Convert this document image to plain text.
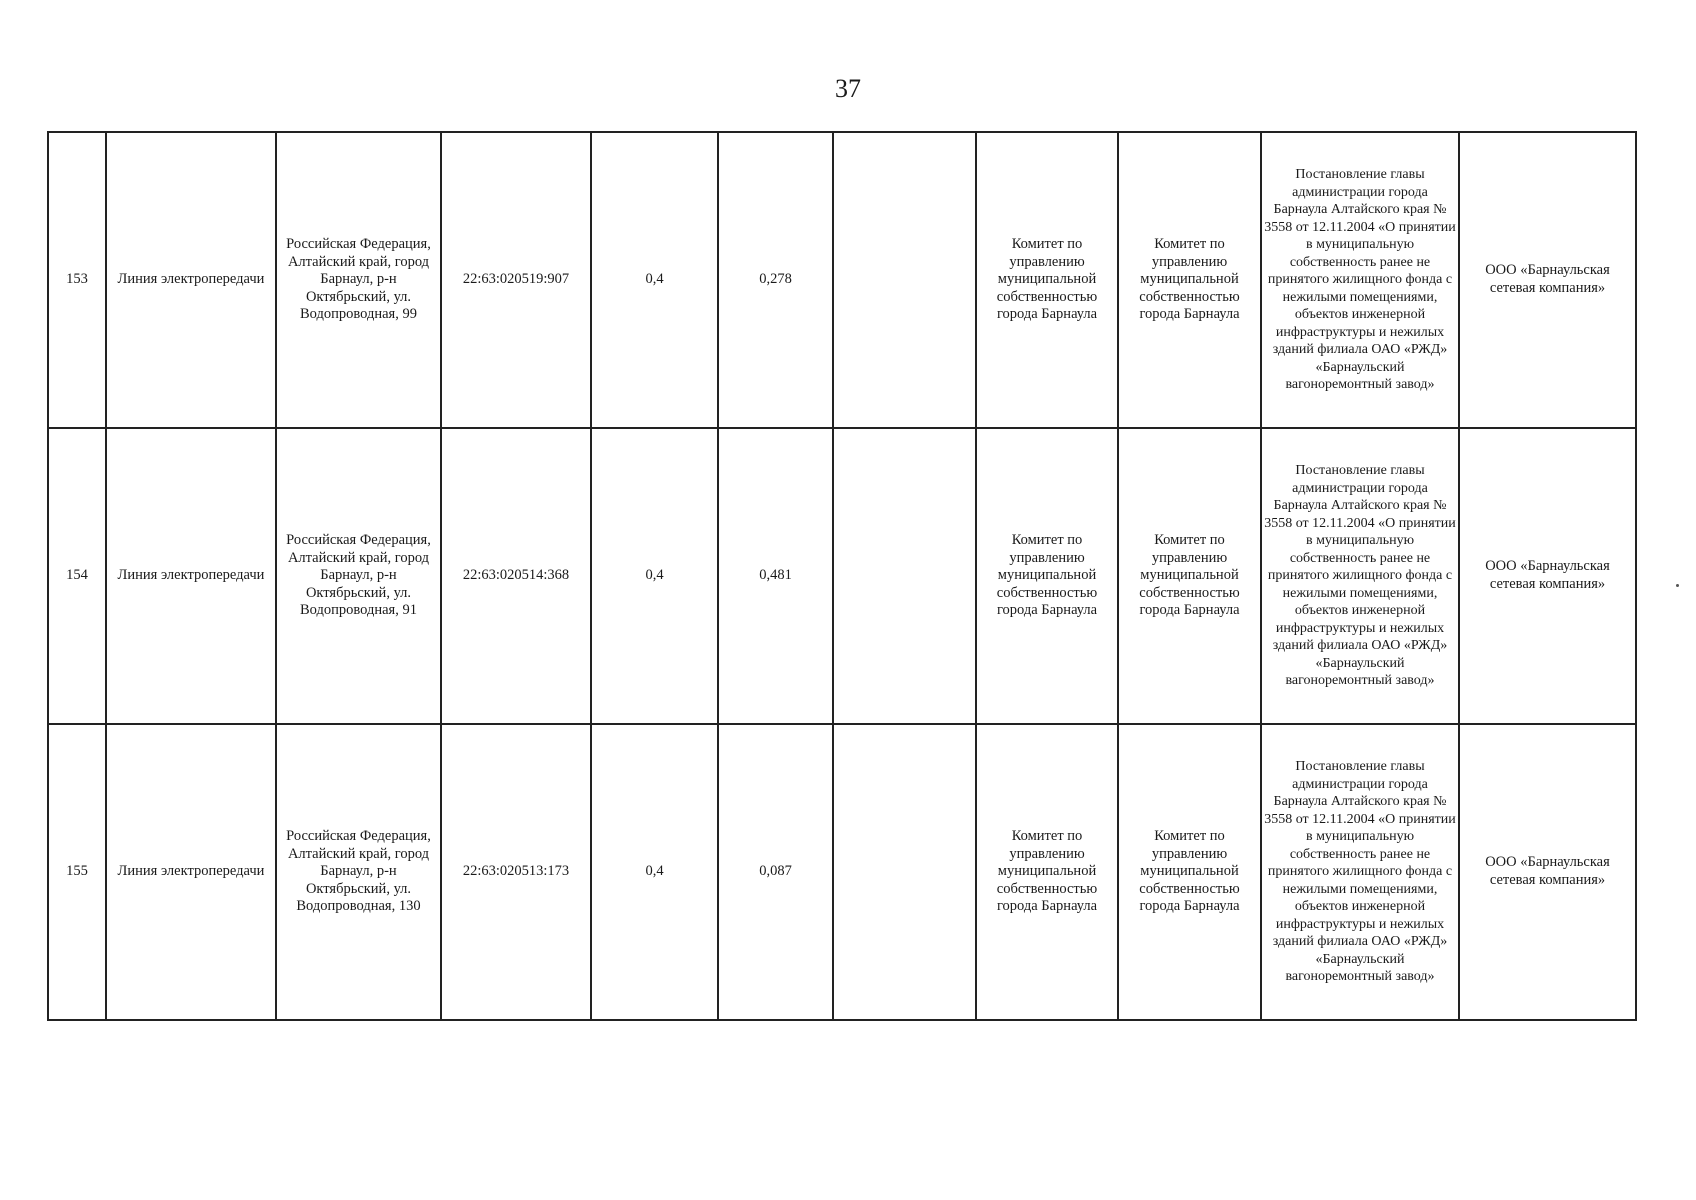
37
153	Линия электропередачи	Российская Федерация, Алтайский край, город Барнаул, р-н Октябрьский, ул. Водопроводная, 99	22:63:020519:907	0,4	0,278		Комитет по управлению муниципальной собственностью города Барнаула	Комитет по управлению муниципальной собственностью города Барнаула	Постановление главы администрации города Барнаула Алтайского края № 3558 от 12.11.2004 «О принятии в муниципальную собственность ранее не принятого жилищного фонда с нежилыми помещениями, объектов инженерной инфраструктуры и нежилых зданий филиала ОАО «РЖД» «Барнаульский вагоноремонтный завод»	ООО «Барнаульская сетевая компания»
154	Линия электропередачи	Российская Федерация, Алтайский край, город Барнаул, р-н Октябрьский, ул. Водопроводная, 91	22:63:020514:368	0,4	0,481		Комитет по управлению муниципальной собственностью города Барнаула	Комитет по управлению муниципальной собственностью города Барнаула	Постановление главы администрации города Барнаула Алтайского края № 3558 от 12.11.2004 «О принятии в муниципальную собственность ранее не принятого жилищного фонда с нежилыми помещениями, объектов инженерной инфраструктуры и нежилых зданий филиала ОАО «РЖД» «Барнаульский вагоноремонтный завод»	ООО «Барнаульская сетевая компания»
155	Линия электропередачи	Российская Федерация, Алтайский край, город Барнаул, р-н Октябрьский, ул. Водопроводная, 130	22:63:020513:173	0,4	0,087		Комитет по управлению муниципальной собственностью города Барнаула	Комитет по управлению муниципальной собственностью города Барнаула	Постановление главы администрации города Барнаула Алтайского края № 3558 от 12.11.2004 «О принятии в муниципальную собственность ранее не принятого жилищного фонда с нежилыми помещениями, объектов инженерной инфраструктуры и нежилых зданий филиала ОАО «РЖД» «Барнаульский вагоноремонтный завод»	ООО «Барнаульская сетевая компания»
